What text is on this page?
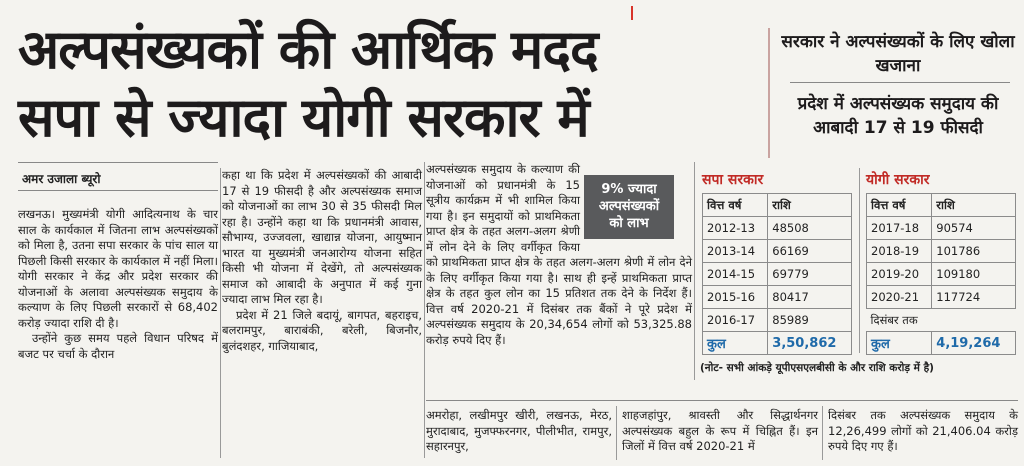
अल्पसंख्यकों की आर्थिक मदद
सपा से ज्यादा योगी सरकार में
सरकार ने अल्पसंख्यकों के लिए खोला खजाना
प्रदेश में अल्पसंख्यक समुदाय की आबादी 17 से 19 फीसदी
अमर उजाला ब्यूरो

लखनऊ। मुख्यमंत्री योगी आदित्यनाथ के चार साल के कार्यकाल में जितना लाभ अल्पसंख्यकों को मिला है, उतना सपा सरकार के पांच साल या पिछली किसी सरकार के कार्यकाल में नहीं मिला। योगी सरकार ने केंद्र और प्रदेश सरकार की योजनाओं के अलावा अल्पसंख्यक समुदाय के कल्याण के लिए पिछली सरकारों से 68,402 करोड़ ज्यादा राशि दी है।

उन्होंने कुछ समय पहले विधान परिषद में बजट पर चर्चा के दौरान

कहा था कि प्रदेश में अल्पसंख्यकों की आबादी 17 से 19 फीसदी है और अल्पसंख्यक समाज को योजनाओं का लाभ 30 से 35 फीसदी मिल रहा है। उन्होंने कहा था कि प्रधानमंत्री आवास, सौभाग्य, उज्जवला, खाद्यान्न योजना, आयुष्मान भारत या मुख्यमंत्री जनआरोग्य योजना सहित किसी भी योजना में देखेंगे, तो अल्पसंख्यक समाज को आबादी के अनुपात में कई गुना ज्यादा लाभ मिल रहा है।

प्रदेश में 21 जिले बदायूं, बागपत, बहराइच, बलरामपुर, बाराबंकी, बरेली, बिजनौर, बुलंदशहर, गाजियाबाद,

अल्पसंख्यक समुदाय के कल्याण की योजनाओं को प्रधानमंत्री के 15 सूत्रीय कार्यक्रम में भी शामिल किया गया है। इन समुदायों को प्राथमिकता प्राप्त क्षेत्र के तहत अलग-अलग श्रेणी में लोन देने के लिए वर्गीकृत किया

को प्राथमिकता प्राप्त क्षेत्र के तहत अलग-अलग श्रेणी में लोन देने के लिए वर्गीकृत किया गया है। साथ ही इन्हें प्राथमिकता प्राप्त क्षेत्र के तहत कुल लोन का 15 प्रतिशत तक देने के निर्देश हैं। वित्त वर्ष 2020-21 में दिसंबर तक बैंकों ने पूरे प्रदेश में अल्पसंख्यक समुदाय के 20,34,654 लोगों को 53,325.88 करोड़ रुपये दिए हैं।

9% ज्यादा
अल्पसंख्यकों
को लाभ
सपा सरकार
वित्त वर्ष	राशि
2012-13	48508
2013-14	66169
2014-15	69779
2015-16	80417
2016-17	85989
कुल	3,50,862
योगी सरकार
वित्त वर्ष	राशि
2017-18	90574
2018-19	101786
2019-20	109180
2020-21	117724
दिसंबर तक	
कुल	4,19,264
(नोट- सभी आंकड़े यूपीएसएलबीसी के और राशि करोड़ में है)
अमरोहा, लखीमपुर खीरी, लखनऊ, मेरठ, मुरादाबाद, मुजफ्फरनगर, पीलीभीत, रामपुर, सहारनपुर,
शाहजहांपुर, श्रावस्ती और सिद्धार्थनगर अल्पसंख्यक बहुल के रूप में चिह्नित हैं। इन जिलों में वित्त वर्ष 2020-21 में
दिसंबर तक अल्पसंख्यक समुदाय के 12,26,499 लोगों को 21,406.04 करोड़ रुपये दिए गए हैं।
